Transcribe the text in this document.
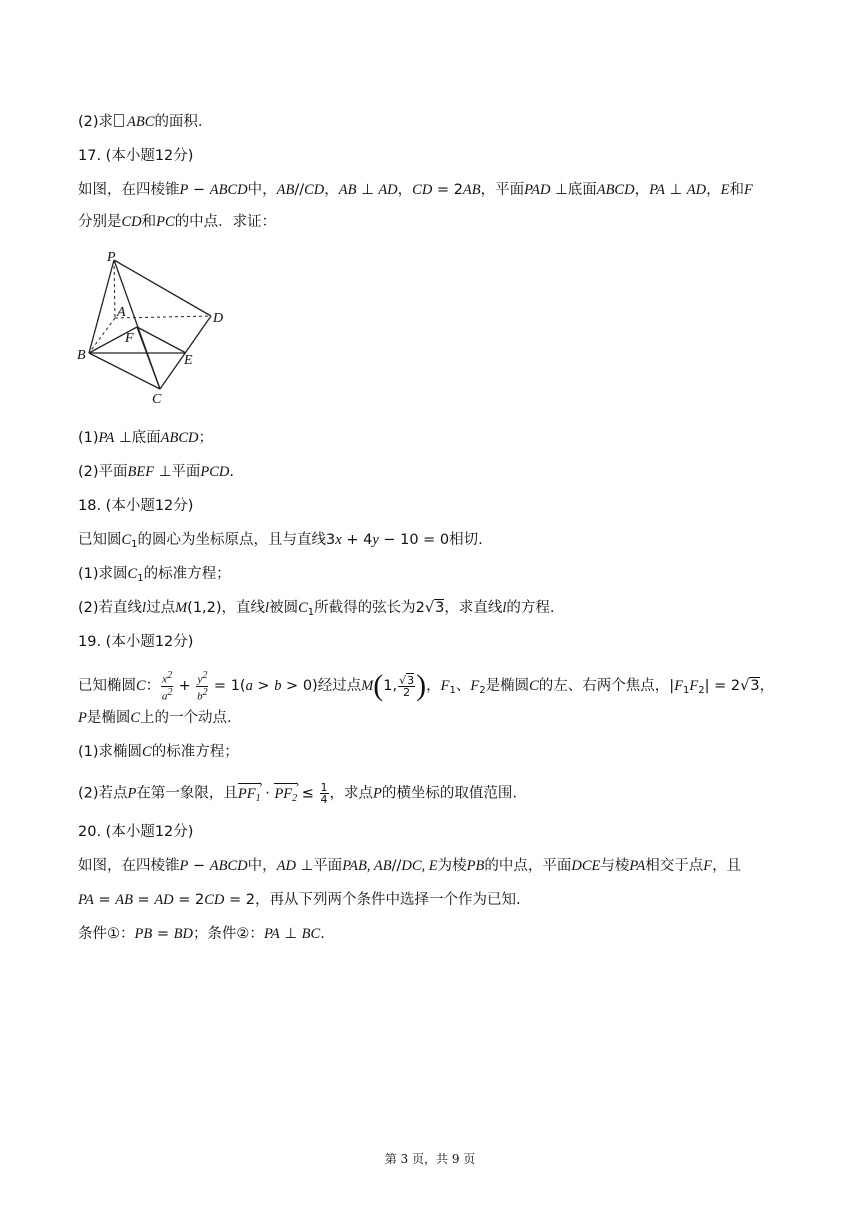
(2)求 ABC的面积.
17. (本小题12分)
如图，在四棱锥P − ABCD中，AB//CD，AB ⊥ AD，CD = 2AB，平面PAD ⊥底面ABCD，PA ⊥ AD，E和F
分别是CD和PC的中点．求证：
P
A	D
F
B	E
C
(1)PA ⊥底面ABCD；
(2)平面BEF ⊥平面PCD.
18. (本小题12分)
已知圆$C_1$的圆心为坐标原点，且与直线3x + 4y − 10 = 0相切.
(1)求圆$C_1$的标准方程；
(2)若直线l过点M(1,2)，直线l被圆$C_1$所截得的弦长为2√3，求直线l的方程.
19. (本小题12分)
已知椭圆C： $\frac{x^2}{a^2} + \frac{y^2}{b^2} = 1(a > b > 0)$经过点M(1, $\frac{√3}{2}$ )，$F_1$、$F_2$是椭圆C的左、右两个焦点，$|F_1F_2| = 2√3$，
P是椭圆C上的一个动点.
(1)求椭圆C的标准方程；
(2)若点P在第一象限，且$PF_1$ › · $PF_2$ › ≤ $\frac{1}{4}$ ，求点P的横坐标的取值范围.
20. (本小题12分)
如图，在四棱锥P − ABCD中，AD ⊥平面PAB, AB//DC, E为棱PB的中点，平面DCE与棱PA相交于点F，且
PA = AB = AD = 2CD = 2，再从下列两个条件中选择一个作为已知.
条件①：PB = BD；条件②：PA ⊥ BC.
第 3 页，共 9 页
